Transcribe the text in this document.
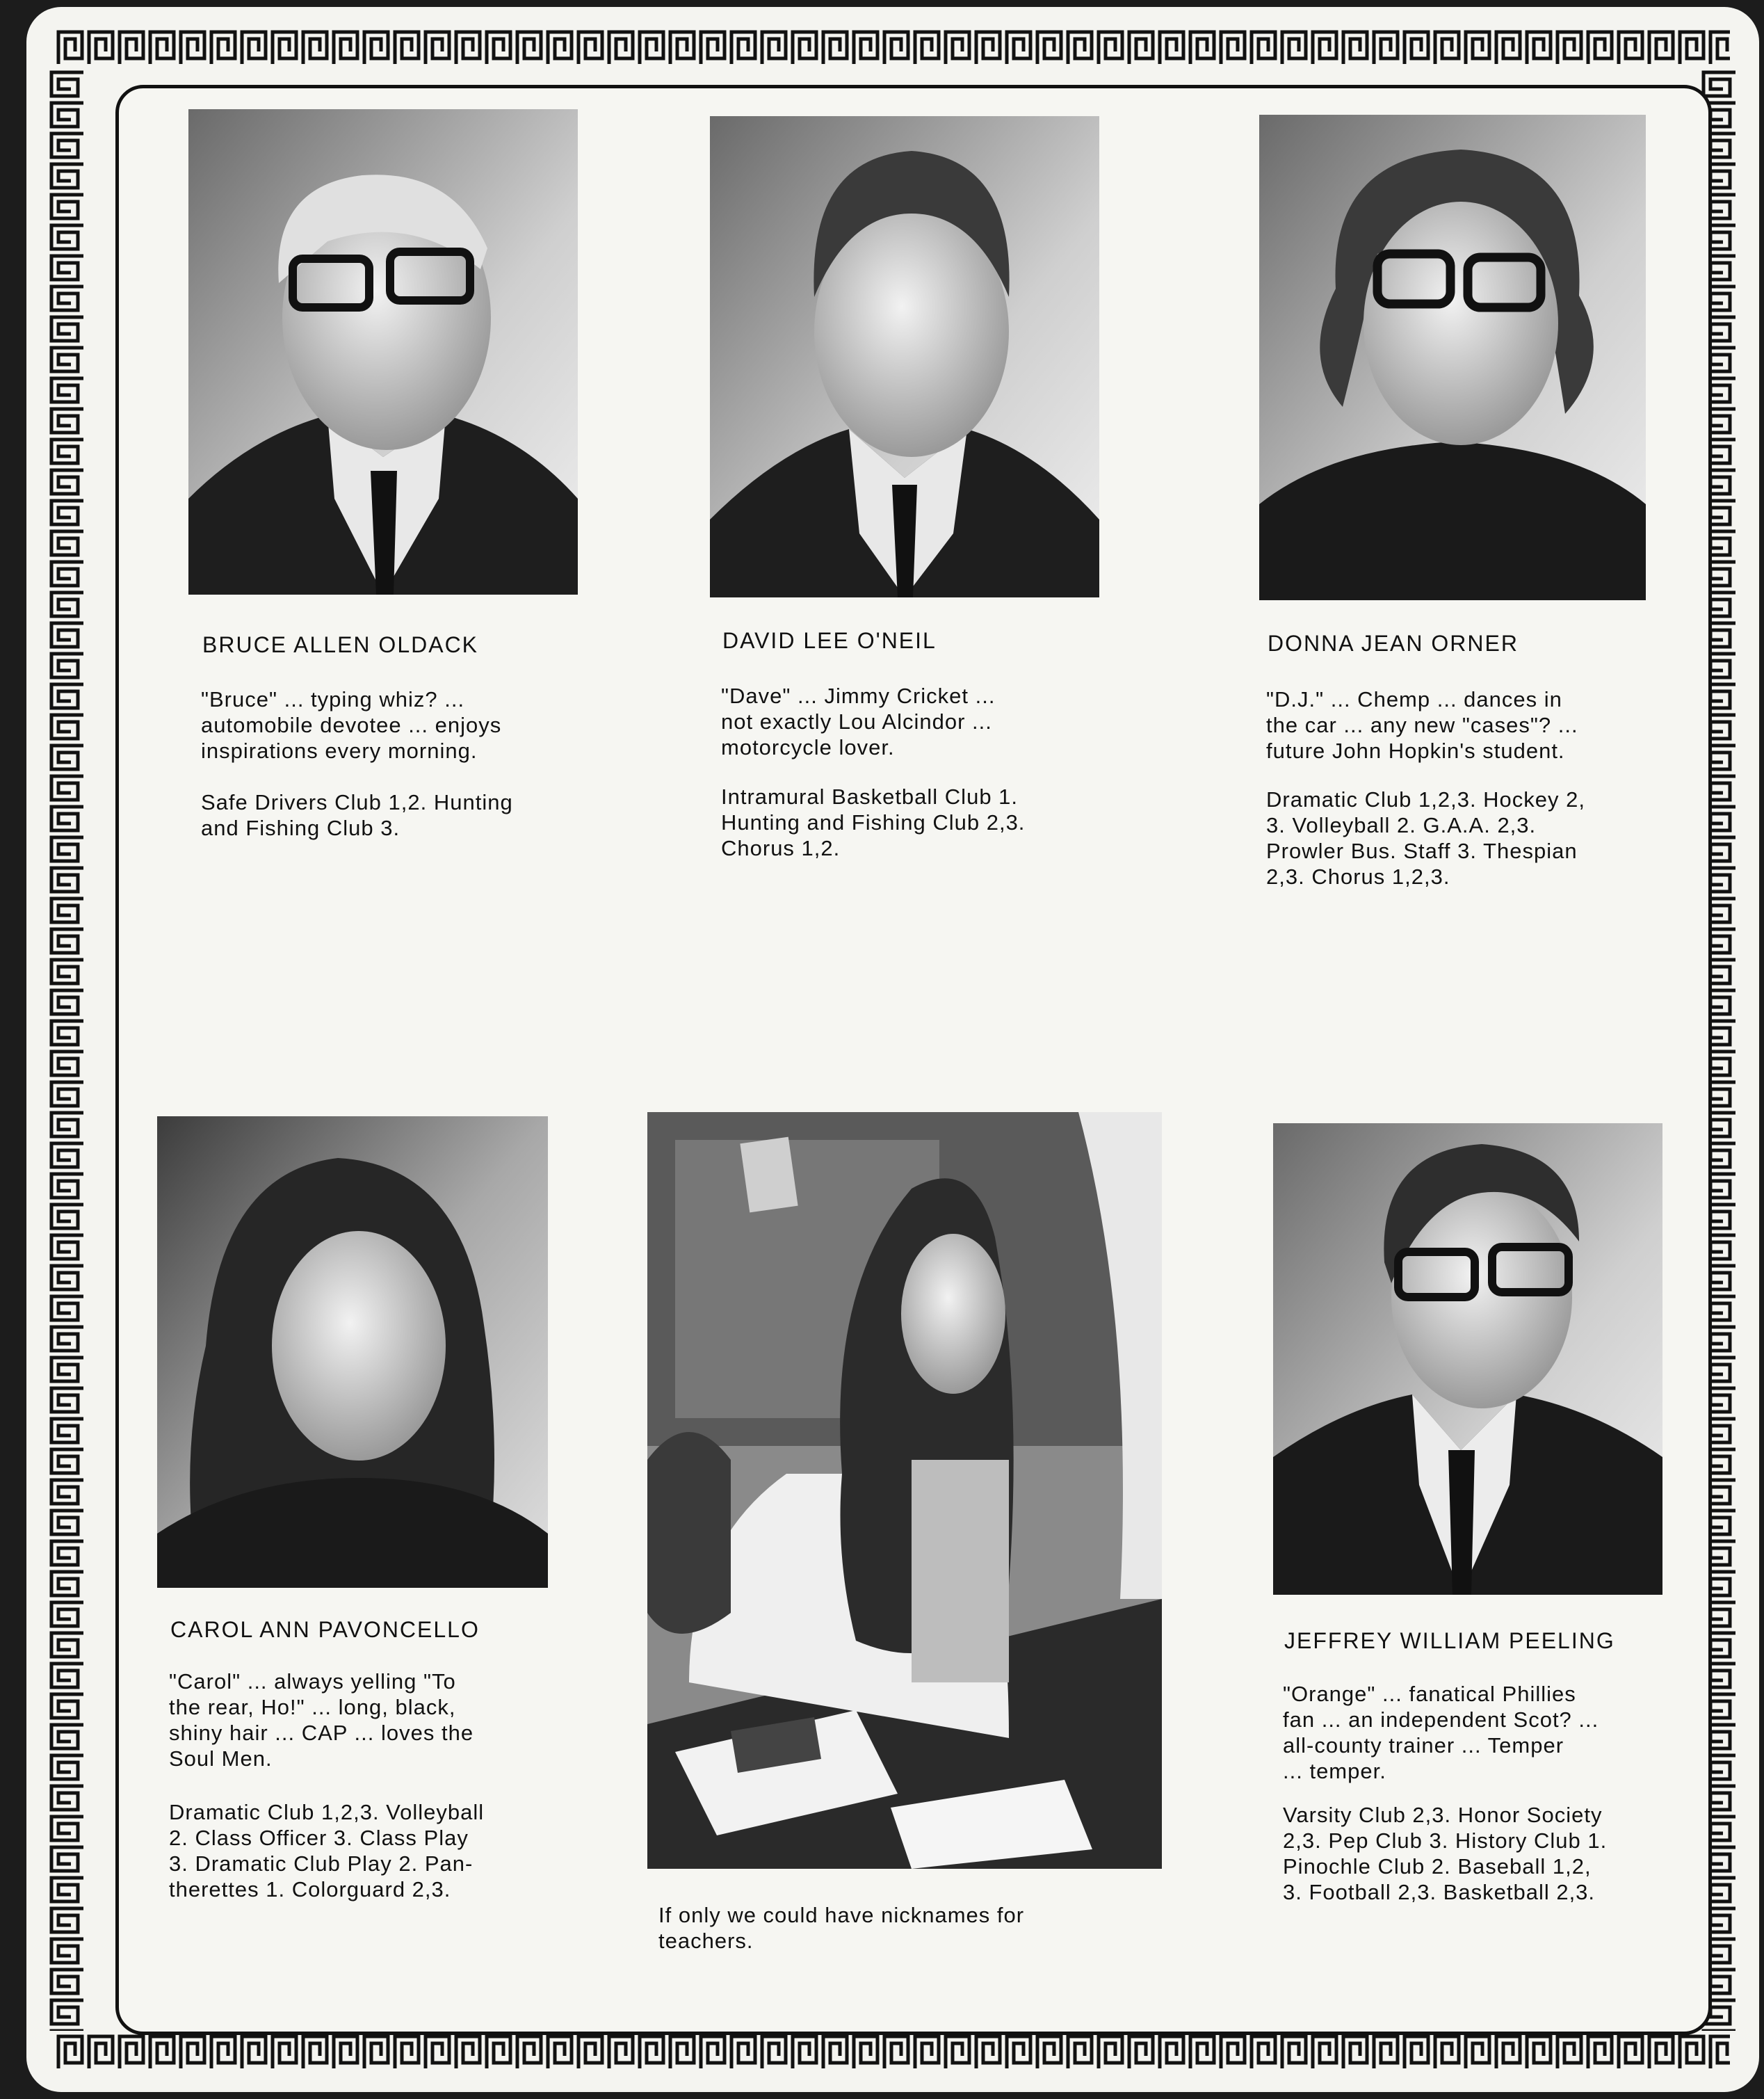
BRUCE ALLEN OLDACK

"Bruce" ... typing whiz? ...
automobile devotee ... enjoys
inspirations every morning.

Safe Drivers Club 1,2. Hunting
and Fishing Club 3.

DAVID LEE O'NEIL

"Dave" ... Jimmy Cricket ...
not exactly Lou Alcindor ...
motorcycle lover.

Intramural Basketball Club 1.
Hunting and Fishing Club 2,3.
Chorus 1,2.

DONNA JEAN ORNER

"D.J." ... Chemp ... dances in
the car ... any new "cases"? ...
future John Hopkin's student.

Dramatic Club 1,2,3. Hockey 2,
3. Volleyball 2. G.A.A. 2,3.
Prowler Bus. Staff 3. Thespian
2,3. Chorus 1,2,3.

CAROL ANN PAVONCELLO

"Carol" ... always yelling "To
the rear, Ho!" ... long, black,
shiny hair ... CAP ... loves the
Soul Men.

Dramatic Club 1,2,3. Volleyball
2. Class Officer 3. Class Play
3. Dramatic Club Play 2. Pan-
therettes 1. Colorguard 2,3.

If only we could have nicknames for
teachers.

JEFFREY WILLIAM PEELING

"Orange" ... fanatical Phillies
fan ... an independent Scot? ...
all-county trainer ... Temper
... temper.

Varsity Club 2,3. Honor Society
2,3. Pep Club 3. History Club 1.
Pinochle Club 2. Baseball 1,2,
3. Football 2,3. Basketball 2,3.
